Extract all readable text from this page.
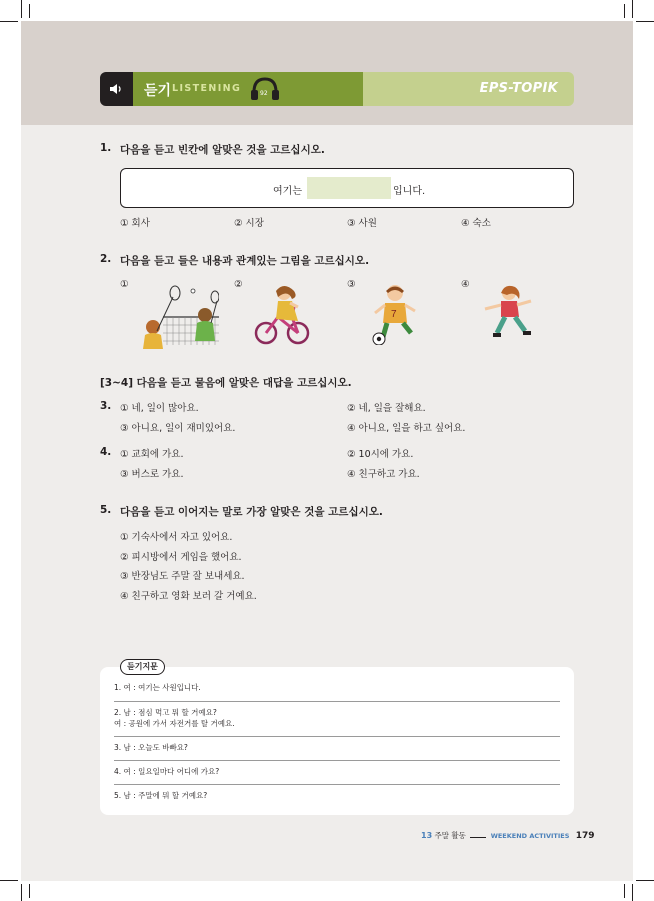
듣기 LISTENING	92	EPS-TOPIK
1. 다음을 듣고 빈칸에 알맞은 것을 고르십시오.
여기는	입니다.
① 회사	② 시장	③ 사원	④ 숙소
2. 다음을 듣고 들은 내용과 관계있는 그림을 고르십시오.
①	②	③
7
④
[3~4] 다음을 듣고 물음에 알맞은 대답을 고르십시오.
3. ① 네, 일이 많아요.	② 네, 일을 잘해요.
③ 아니요, 일이 재미있어요.	④ 아니요, 일을 하고 싶어요.
4. ① 교회에 가요.	② 10시에 가요.
③ 버스로 가요.	④ 친구하고 가요.
5. 다음을 듣고 이어지는 말로 가장 알맞은 것을 고르십시오.
① 기숙사에서 자고 있어요.
② 피시방에서 게임을 했어요.
③ 반장님도 주말 잘 보내세요.
④ 친구하고 영화 보러 갈 거예요.
듣기지문
1. 여 : 여기는 사원입니다.
2. 남 : 점심 먹고 뭐 할 거예요?
여 : 공원에 가서 자전거를 탈 거예요.
3. 남 : 오늘도 바빠요?
4. 여 : 일요일마다 어디에 가요?
5. 남 : 주말에 뭐 할 거예요?
13 주말 활동	WEEKEND ACTIVITIES 179
